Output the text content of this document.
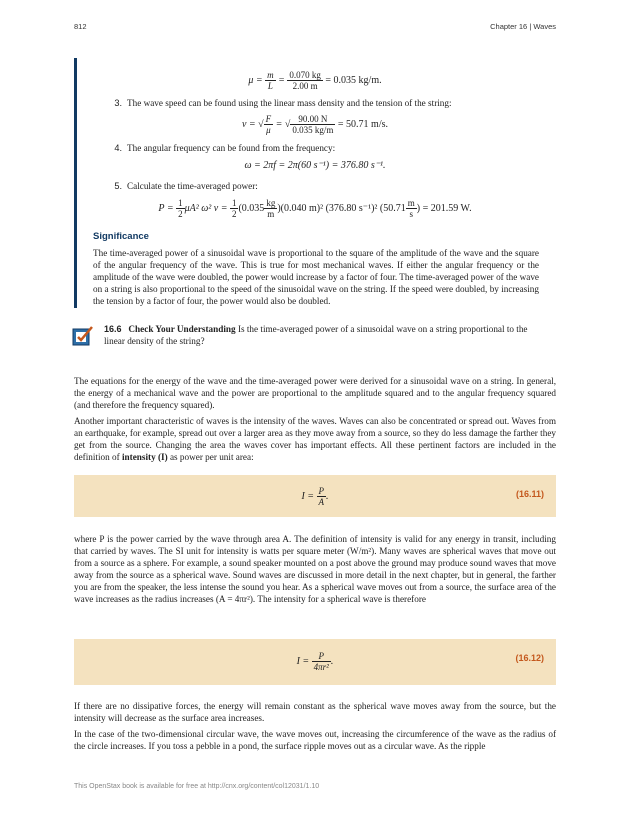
812	Chapter 16 | Waves
$\mu = \frac{m}{L} = \frac{0.070 kg}{2.00 m} = 0.035$ kg/m.
3. The wave speed can be found using the linear mass density and the tension of the string:
v = √ $\frac{F}{\mu}$ = √ $\frac{90.00 N}{0.035 kg/m} = 50.71$ m/s.
4. The angular frequency can be found from the frequency:
ω = 2πf = 2π(60 s⁻¹) = 376.80 s⁻¹.
5. Calculate the time-averaged power:
$P = \frac{1}{2} \mu A^2$ ω² $v = \frac{1}{2} (0.035 \frac{kg}{m} )(0.040$ m)² (376.80 s⁻¹)² ($50.71 \frac{m}{s}$ ) = 201.59 W.
Significance
The time-averaged power of a sinusoidal wave is proportional to the square of the amplitude of the wave and the square of the angular frequency of the wave. This is true for most mechanical waves. If either the angular frequency or the amplitude of the wave were doubled, the power would increase by a factor of four. The time-averaged power of the wave on a string is also proportional to the speed of the sinusoidal wave on the string. If the speed were doubled, by increasing the tension by a factor of four, the power would also be doubled.
16.6 Check Your Understanding Is the time-averaged power of a sinusoidal wave on a string proportional to the linear density of the string?
The equations for the energy of the wave and the time-averaged power were derived for a sinusoidal wave on a string. In general, the energy of a mechanical wave and the power are proportional to the amplitude squared and to the angular frequency squared (and therefore the frequency squared).
Another important characteristic of waves is the intensity of the waves. Waves can also be concentrated or spread out. Waves from an earthquake, for example, spread out over a larger area as they move away from a source, so they do less damage the farther they get from the source. Changing the area the waves cover has important effects. All these pertinent factors are included in the definition of intensity (I) as power per unit area:
$I = \frac{P}{A}$ .	(16.11)
where P is the power carried by the wave through area A. The definition of intensity is valid for any energy in transit, including that carried by waves. The SI unit for intensity is watts per square meter (W/m²). Many waves are spherical waves that move out from a source as a sphere. For example, a sound speaker mounted on a post above the ground may produce sound waves that move away from the source as a spherical wave. Sound waves are discussed in more detail in the next chapter, but in general, the farther you are from the speaker, the less intense the sound you hear. As a spherical wave moves out from a source, the surface area of the wave increases as the radius increases (A = 4πr²). The intensity for a spherical wave is therefore
$I = \frac{P}{\text{4πr²}}$ .	(16.12)
If there are no dissipative forces, the energy will remain constant as the spherical wave moves away from the source, but the intensity will decrease as the surface area increases.
In the case of the two-dimensional circular wave, the wave moves out, increasing the circumference of the wave as the radius of the circle increases. If you toss a pebble in a pond, the surface ripple moves out as a circular wave. As the ripple
This OpenStax book is available for free at http://cnx.org/content/col12031/1.10
